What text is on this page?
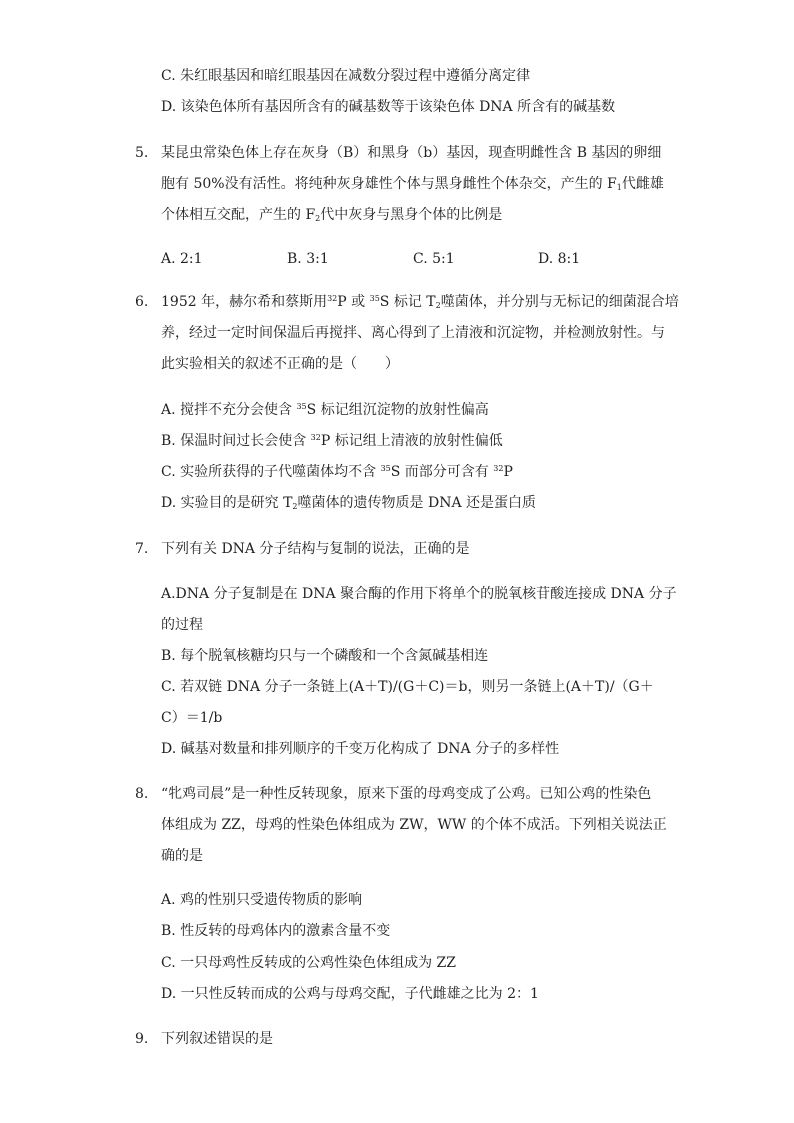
C. 朱红眼基因和暗红眼基因在减数分裂过程中遵循分离定律
D. 该染色体所有基因所含有的碱基数等于该染色体 DNA 所含有的碱基数
5. 某昆虫常染色体上存在灰身（B）和黑身（b）基因，现查明雌性含 B 基因的卵细
胞有 50%没有活性。将纯种灰身雄性个体与黑身雌性个体杂交，产生的 $F_1$代雌雄
个体相互交配，产生的 $F_2$代中灰身与黑身个体的比例是
A. 2:1	B. 3:1	C. 5:1	D. 8:1
6. 1952 年，赫尔希和蔡斯用$^{32}$P 或 $^{35}$S 标记 $T_2$噬菌体，并分别与无标记的细菌混合培
养，经过一定时间保温后再搅拌、离心得到了上清液和沉淀物，并检测放射性。与
此实验相关的叙述不正确的是（　　）
A. 搅拌不充分会使含 $^{35}$S 标记组沉淀物的放射性偏高
B. 保温时间过长会使含 $^{32}$P 标记组上清液的放射性偏低
C. 实验所获得的子代噬菌体均不含 $^{35}$S 而部分可含有 $^{32}$P
D. 实验目的是研究 $T_2$噬菌体的遗传物质是 DNA 还是蛋白质
7. 下列有关 DNA 分子结构与复制的说法，正确的是
A.DNA 分子复制是在 DNA 聚合酶的作用下将单个的脱氧核苷酸连接成 DNA 分子
的过程
B. 每个脱氧核糖均只与一个磷酸和一个含氮碱基相连
C. 若双链 DNA 分子一条链上(A＋T)/(G＋C)＝b，则另一条链上(A＋T)/（G＋
C）＝1/b
D. 碱基对数量和排列顺序的千变万化构成了 DNA 分子的多样性
8. “牝鸡司晨”是一种性反转现象，原来下蛋的母鸡变成了公鸡。已知公鸡的性染色
体组成为 ZZ，母鸡的性染色体组成为 ZW，WW 的个体不成活。下列相关说法正
确的是
A. 鸡的性别只受遗传物质的影响
B. 性反转的母鸡体内的激素含量不变
C. 一只母鸡性反转成的公鸡性染色体组成为 ZZ
D. 一只性反转而成的公鸡与母鸡交配，子代雌雄之比为 2：1
9. 下列叙述错误的是
